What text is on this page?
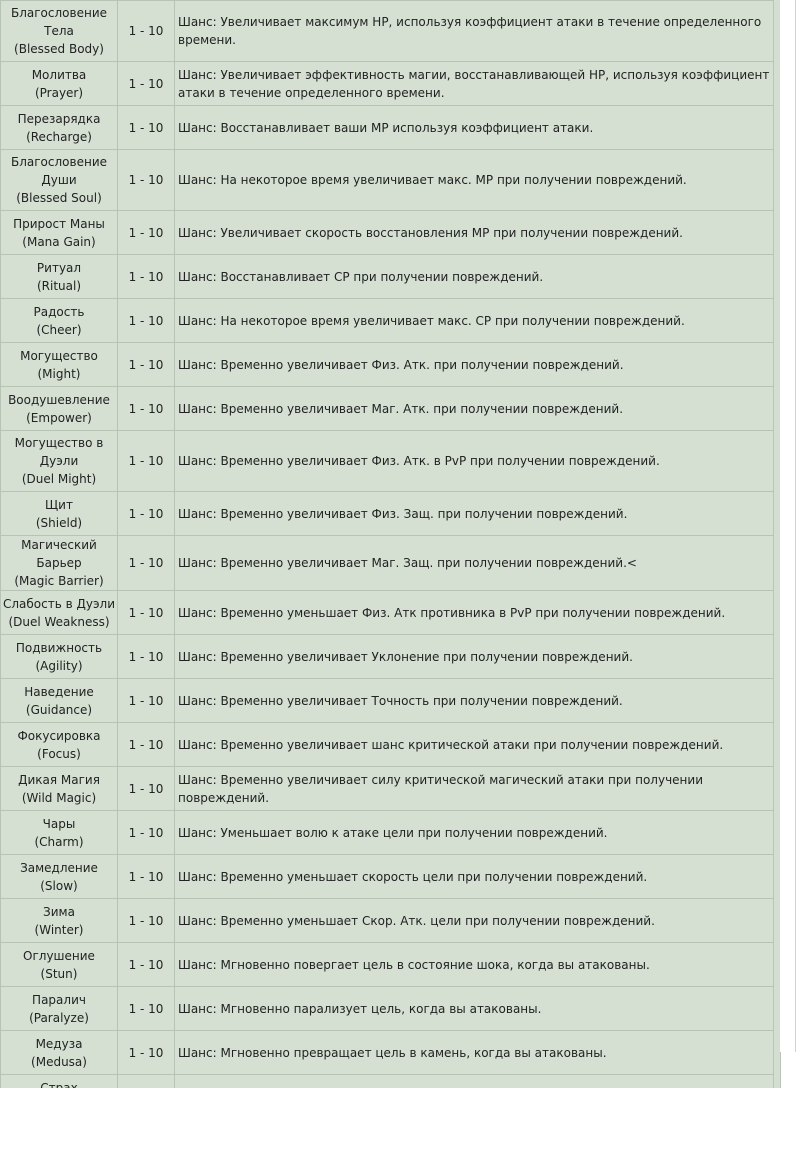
Благословение
Тела
(Blessed Body)	1 - 10	Шанс: Увеличивает максимум HP, используя коэффициент атаки в течение определенного времени.

Молитва
(Prayer)	1 - 10	Шанс: Увеличивает эффективность магии, восстанавливающей HP, используя коэффициент атаки в течение определенного времени.

Перезарядка
(Recharge)	1 - 10	Шанс: Восстанавливает ваши MP используя коэффициент атаки.

Благословение
Души
(Blessed Soul)	1 - 10	Шанс: На некоторое время увеличивает макс. MP при получении повреждений.

Прирост Маны
(Mana Gain)	1 - 10	Шанс: Увеличивает скорость восстановления MP при получении повреждений.

Ритуал
(Ritual)	1 - 10	Шанс: Восстанавливает CP при получении повреждений.

Радость
(Cheer)	1 - 10	Шанс: На некоторое время увеличивает макс. CP при получении повреждений.

Могущество
(Might)	1 - 10	Шанс: Временно увеличивает Физ. Атк. при получении повреждений.

Воодушевление
(Empower)	1 - 10	Шанс: Временно увеличивает Маг. Атк. при получении повреждений.

Могущество в
Дуэли
(Duel Might)	1 - 10	Шанс: Временно увеличивает Физ. Атк. в PvP при получении повреждений.

Щит
(Shield)	1 - 10	Шанс: Временно увеличивает Физ. Защ. при получении повреждений.

Магический Барьер
(Magic Barrier)	1 - 10	Шанс: Временно увеличивает Маг. Защ. при получении повреждений.<

Слабость в Дуэли
(Duel Weakness)	1 - 10	Шанс: Временно уменьшает Физ. Атк противника в PvP при получении повреждений.

Подвижность
(Agility)	1 - 10	Шанс: Временно увеличивает Уклонение при получении повреждений.

Наведение
(Guidance)	1 - 10	Шанс: Временно увеличивает Точность при получении повреждений.

Фокусировка
(Focus)	1 - 10	Шанс: Временно увеличивает шанс критической атаки при получении повреждений.

Дикая Магия
(Wild Magic)	1 - 10	Шанс: Временно увеличивает силу критической магический атаки при получении повреждений.

Чары
(Charm)	1 - 10	Шанс: Уменьшает волю к атаке цели при получении повреждений.

Замедление
(Slow)	1 - 10	Шанс: Временно уменьшает скорость цели при получении повреждений.

Зима
(Winter)	1 - 10	Шанс: Временно уменьшает Скор. Атк. цели при получении повреждений.

Оглушение
(Stun)	1 - 10	Шанс: Мгновенно повергает цель в состояние шока, когда вы атакованы.

Паралич
(Paralyze)	1 - 10	Шанс: Мгновенно парализует цель, когда вы атакованы.

Медуза
(Medusa)	1 - 10	Шанс: Мгновенно превращает цель в камень, когда вы атакованы.
